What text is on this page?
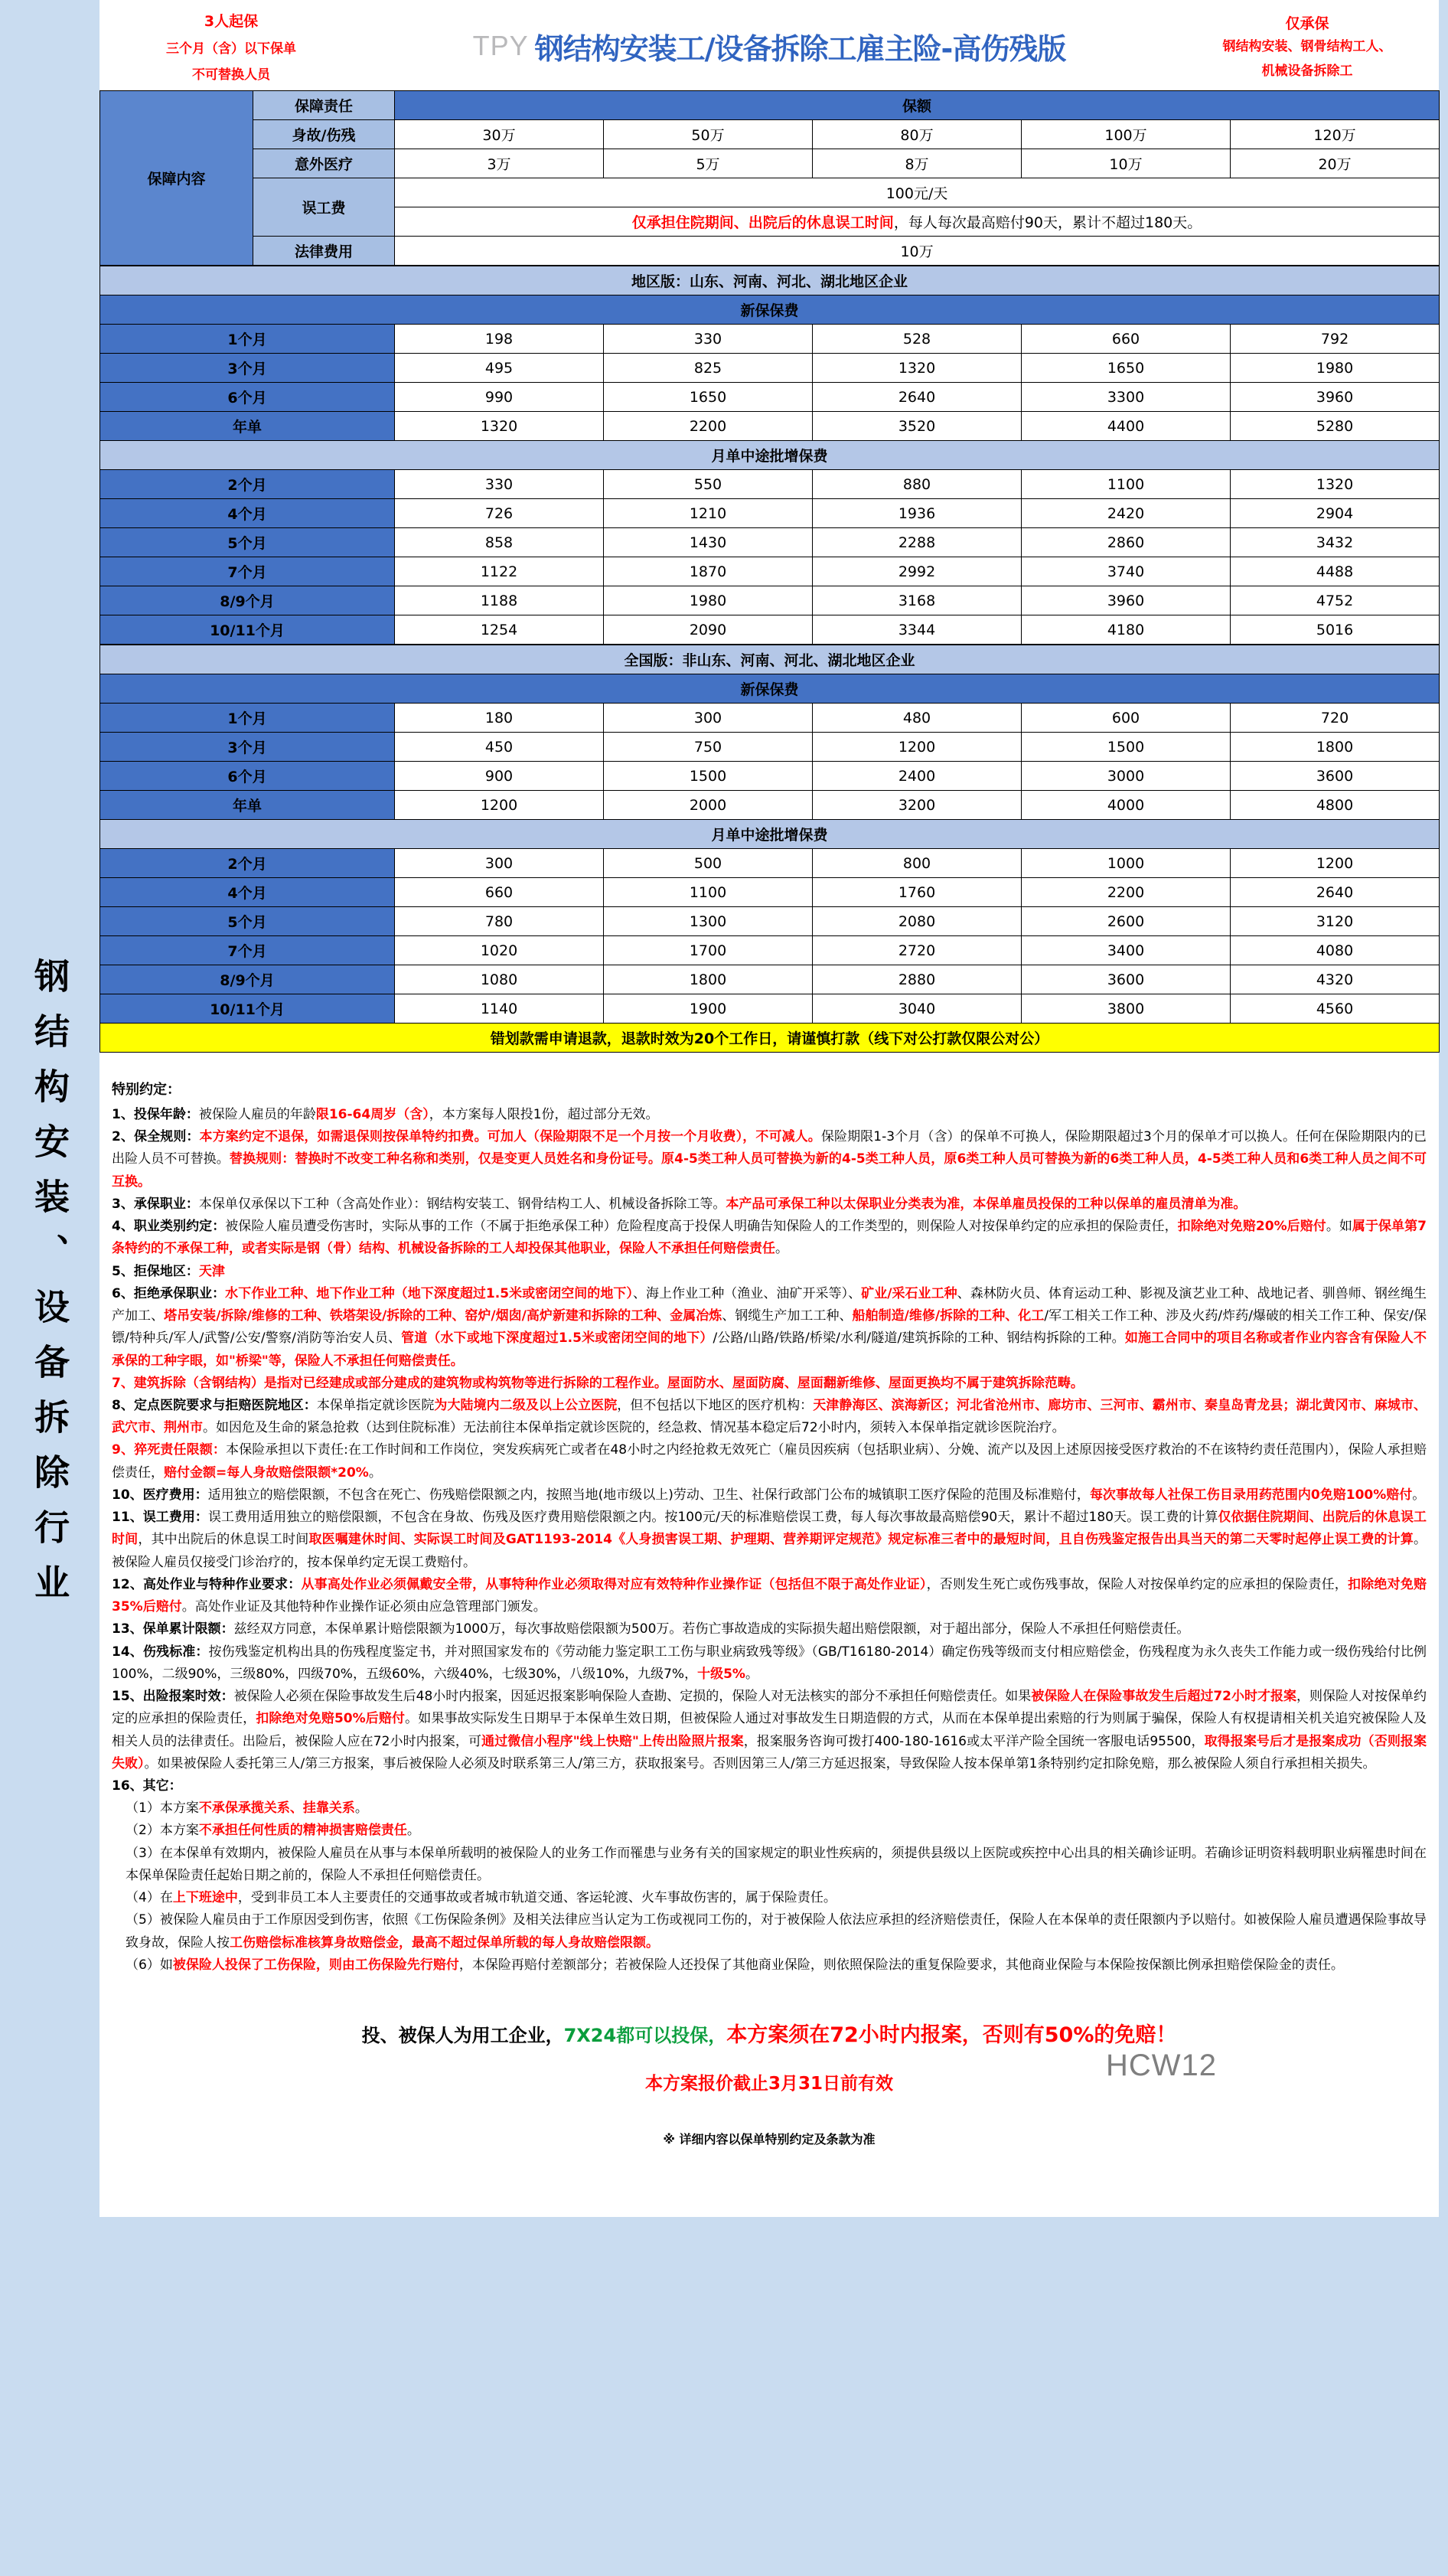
钢结构安装、设备拆除行业
3人起保
三个月（含）以下保单
不可替换人员
TPY 钢结构安装工/设备拆除工雇主险-高伤残版
仅承保
钢结构安装、钢骨结构工人、
机械设备拆除工
保障内容	保障责任	保额				
	身故/伤残	30万	50万	80万	100万	120万
	意外医疗	3万	5万	8万	10万	20万
	误工费	100元/天				
		仅承担住院期间、出院后的休息误工时间，每人每次最高赔付90天，累计不超过180天。				
	法律费用	10万				
地区版：山东、河南、河北、湖北地区企业					
新保保费					
1个月	198	330	528	660	792
3个月	495	825	1320	1650	1980
6个月	990	1650	2640	3300	3960
年单	1320	2200	3520	4400	5280
月单中途批增保费					
2个月	330	550	880	1100	1320
4个月	726	1210	1936	2420	2904
5个月	858	1430	2288	2860	3432
7个月	1122	1870	2992	3740	4488
8/9个月	1188	1980	3168	3960	4752
10/11个月	1254	2090	3344	4180	5016
全国版：非山东、河南、河北、湖北地区企业					
新保保费					
1个月	180	300	480	600	720
3个月	450	750	1200	1500	1800
6个月	900	1500	2400	3000	3600
年单	1200	2000	3200	4000	4800
月单中途批增保费					
2个月	300	500	800	1000	1200
4个月	660	1100	1760	2200	2640
5个月	780	1300	2080	2600	3120
7个月	1020	1700	2720	3400	4080
8/9个月	1080	1800	2880	3600	4320
10/11个月	1140	1900	3040	3800	4560
错划款需申请退款，退款时效为20个工作日，请谨慎打款（线下对公打款仅限公对公）					
特别约定：

1、投保年龄：被保险人雇员的年龄限16-64周岁（含），本方案每人限投1份，超过部分无效。

2、保全规则：本方案约定不退保，如需退保则按保单特约扣费。可加人（保险期限不足一个月按一个月收费），不可减人。保险期限1-3个月（含）的保单不可换人，保险期限超过3个月的保单才可以换人。任何在保险期限内的已出险人员不可替换。替换规则：替换时不改变工种名称和类别，仅是变更人员姓名和身份证号。原4-5类工种人员可替换为新的4-5类工种人员，原6类工种人员可替换为新的6类工种人员，4-5类工种人员和6类工种人员之间不可互换。

3、承保职业：本保单仅承保以下工种（含高处作业）：钢结构安装工、钢骨结构工人、机械设备拆除工等。本产品可承保工种以太保职业分类表为准，本保单雇员投保的工种以保单的雇员清单为准。

4、职业类别约定：被保险人雇员遭受伤害时，实际从事的工作（不属于拒绝承保工种）危险程度高于投保人明确告知保险人的工作类型的，则保险人对按保单约定的应承担的保险责任，扣除绝对免赔20%后赔付。如属于保单第7条特约的不承保工种，或者实际是钢（骨）结构、机械设备拆除的工人却投保其他职业，保险人不承担任何赔偿责任。

5、拒保地区：天津

6、拒绝承保职业：水下作业工种、地下作业工种（地下深度超过1.5米或密闭空间的地下）、海上作业工种（渔业、油矿开采等）、矿业/采石业工种、森林防火员、体育运动工种、影视及演艺业工种、战地记者、驯兽师、钢丝绳生产加工、塔吊安装/拆除/维修的工种、铁塔架设/拆除的工种、窑炉/烟囱/高炉新建和拆除的工种、金属冶炼、钢缆生产加工工种、船舶制造/维修/拆除的工种、化工/军工相关工作工种、涉及火药/炸药/爆破的相关工作工种、保安/保镖/特种兵/军人/武警/公安/警察/消防等治安人员、管道（水下或地下深度超过1.5米或密闭空间的地下）/公路/山路/铁路/桥梁/水利/隧道/建筑拆除的工种、钢结构拆除的工种。如施工合同中的项目名称或者作业内容含有保险人不承保的工种字眼，如"桥梁"等，保险人不承担任何赔偿责任。

7、建筑拆除（含钢结构）是指对已经建成或部分建成的建筑物或构筑物等进行拆除的工程作业。屋面防水、屋面防腐、屋面翻新维修、屋面更换均不属于建筑拆除范畴。

8、定点医院要求与拒赔医院地区：本保单指定就诊医院为大陆境内二级及以上公立医院，但不包括以下地区的医疗机构：天津静海区、滨海新区；河北省沧州市、廊坊市、三河市、霸州市、秦皇岛青龙县；湖北黄冈市、麻城市、武穴市、荆州市。如因危及生命的紧急抢救（达到住院标准）无法前往本保单指定就诊医院的，经急救、情况基本稳定后72小时内，须转入本保单指定就诊医院治疗。

9、猝死责任限额：本保险承担以下责任:在工作时间和工作岗位，突发疾病死亡或者在48小时之内经抢救无效死亡（雇员因疾病（包括职业病）、分娩、流产以及因上述原因接受医疗救治的不在该特约责任范围内），保险人承担赔偿责任，赔付金额=每人身故赔偿限额*20%。

10、医疗费用：适用独立的赔偿限额，不包含在死亡、伤残赔偿限额之内，按照当地(地市级以上)劳动、卫生、社保行政部门公布的城镇职工医疗保险的范围及标准赔付，每次事故每人社保工伤目录用药范围内0免赔100%赔付。

11、误工费用：误工费用适用独立的赔偿限额，不包含在身故、伤残及医疗费用赔偿限额之内。按100元/天的标准赔偿误工费，每人每次事故最高赔偿90天，累计不超过180天。误工费的计算仅依据住院期间、出院后的休息误工时间，其中出院后的休息误工时间取医嘱建休时间、实际误工时间及GAT1193-2014《人身损害误工期、护理期、营养期评定规范》规定标准三者中的最短时间，且自伤残鉴定报告出具当天的第二天零时起停止误工费的计算。被保险人雇员仅接受门诊治疗的，按本保单约定无误工费赔付。

12、高处作业与特种作业要求：从事高处作业必须佩戴安全带，从事特种作业必须取得对应有效特种作业操作证（包括但不限于高处作业证），否则发生死亡或伤残事故，保险人对按保单约定的应承担的保险责任，扣除绝对免赔35%后赔付。高处作业证及其他特种作业操作证必须由应急管理部门颁发。

13、保单累计限额：兹经双方同意，本保单累计赔偿限额为1000万，每次事故赔偿限额为500万。若伤亡事故造成的实际损失超出赔偿限额，对于超出部分，保险人不承担任何赔偿责任。

14、伤残标准：按伤残鉴定机构出具的伤残程度鉴定书，并对照国家发布的《劳动能力鉴定职工工伤与职业病致残等级》（GB/T16180-2014）确定伤残等级而支付相应赔偿金，伤残程度为永久丧失工作能力或一级伤残给付比例100%，二级90%，三级80%，四级70%，五级60%，六级40%，七级30%，八级10%，九级7%，十级5%。

15、出险报案时效：被保险人必须在保险事故发生后48小时内报案，因延迟报案影响保险人查勘、定损的，保险人对无法核实的部分不承担任何赔偿责任。如果被保险人在保险事故发生后超过72小时才报案，则保险人对按保单约定的应承担的保险责任，扣除绝对免赔50%后赔付。如果事故实际发生日期早于本保单生效日期，但被保险人通过对事故发生日期造假的方式，从而在本保单提出索赔的行为则属于骗保，保险人有权提请相关机关追究被保险人及相关人员的法律责任。出险后，被保险人应在72小时内报案，可通过微信小程序"线上快赔"上传出险照片报案，报案服务咨询可拨打400-180-1616或太平洋产险全国统一客服电话95500，取得报案号后才是报案成功（否则报案失败）。如果被保险人委托第三人/第三方报案，事后被保险人必须及时联系第三人/第三方，获取报案号。否则因第三人/第三方延迟报案，导致保险人按本保单第1条特别约定扣除免赔，那么被保险人须自行承担相关损失。

16、其它：

（1）本方案不承保承揽关系、挂靠关系。

（2）本方案不承担任何性质的精神损害赔偿责任。

（3）在本保单有效期内，被保险人雇员在从事与本保单所载明的被保险人的业务工作而罹患与业务有关的国家规定的职业性疾病的，须提供县级以上医院或疾控中心出具的相关确诊证明。若确诊证明资料载明职业病罹患时间在本保单保险责任起始日期之前的，保险人不承担任何赔偿责任。

（4）在上下班途中，受到非员工本人主要责任的交通事故或者城市轨道交通、客运轮渡、火车事故伤害的，属于保险责任。

（5）被保险人雇员由于工作原因受到伤害，依照《工伤保险条例》及相关法律应当认定为工伤或视同工伤的，对于被保险人依法应承担的经济赔偿责任，保险人在本保单的责任限额内予以赔付。如被保险人雇员遭遇保险事故导致身故，保险人按工伤赔偿标准核算身故赔偿金，最高不超过保单所载的每人身故赔偿限额。

（6）如被保险人投保了工伤保险，则由工伤保险先行赔付，本保险再赔付差额部分；若被保险人还投保了其他商业保险，则依照保险法的重复保险要求，其他商业保险与本保险按保额比例承担赔偿保险金的责任。

投、被保人为用工企业，7X24都可以投保，本方案须在72小时内报案，否则有50%的免赔！
本方案报价截止3月31日前有效
※ 详细内容以保单特别约定及条款为准
HCW12
